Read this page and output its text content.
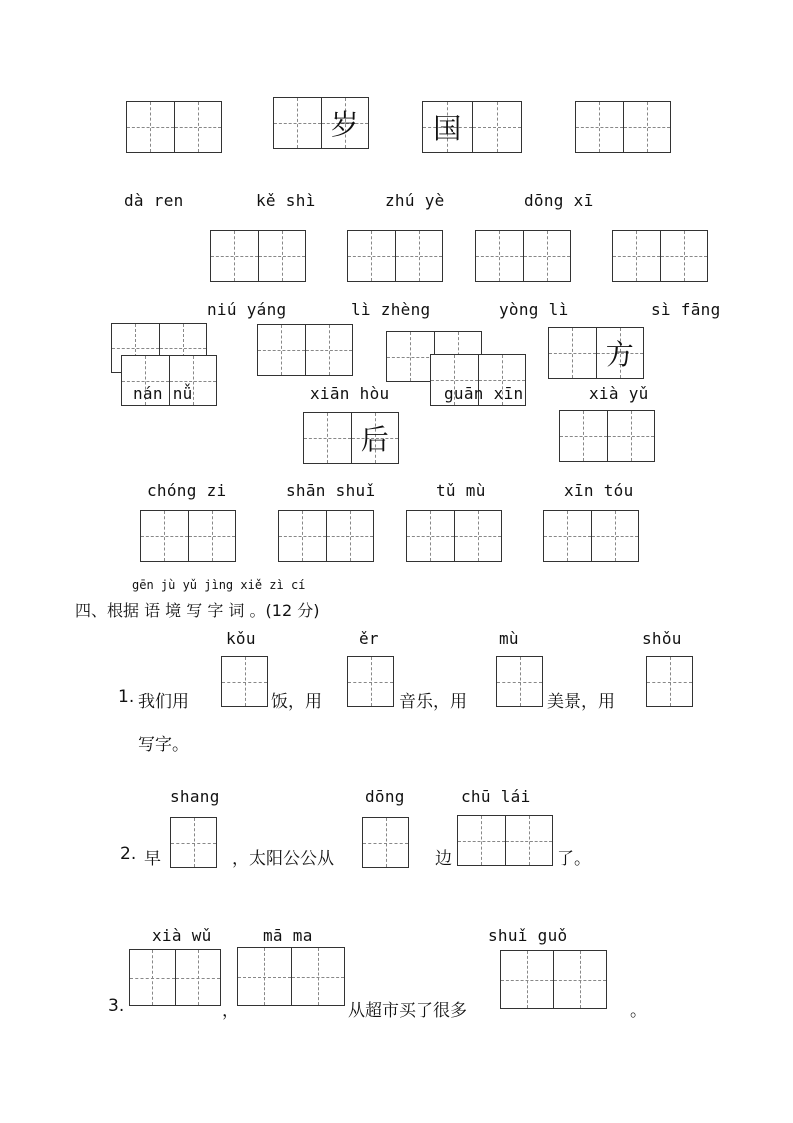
岁	国
dà ren	kě shì	zhú yè	dōng xī
niú yáng	lì zhèng	yòng lì	sì fāng
方
nán nǚ	xiān hòu	guān xīn	xià yǔ
后
chóng zi	shān shuǐ	tǔ mù	xīn tóu
gēn jù yǔ jìng xiě zì cí
四、根据 语 境 写 字 词 。(12 分)
kǒu	ěr	mù	shǒu
1. 我们用	饭，用	音乐，用	美景，用
写字。
shang	dōng	chū lái
2. 早	，太阳公公从	边	了。
xià wǔ	mā ma	shuǐ guǒ
3.	，	从超市买了很多	。
